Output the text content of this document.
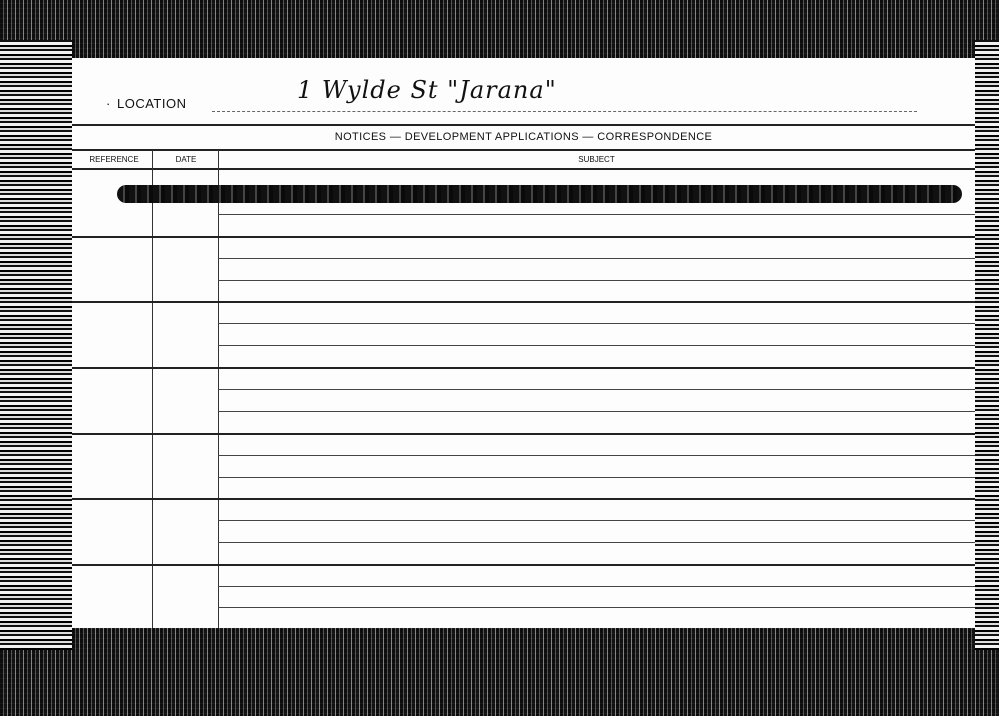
· LOCATION	1 Wylde St "Jarana"
NOTICES — DEVELOPMENT APPLICATIONS — CORRESPONDENCE
REFERENCE	DATE	SUBJECT
